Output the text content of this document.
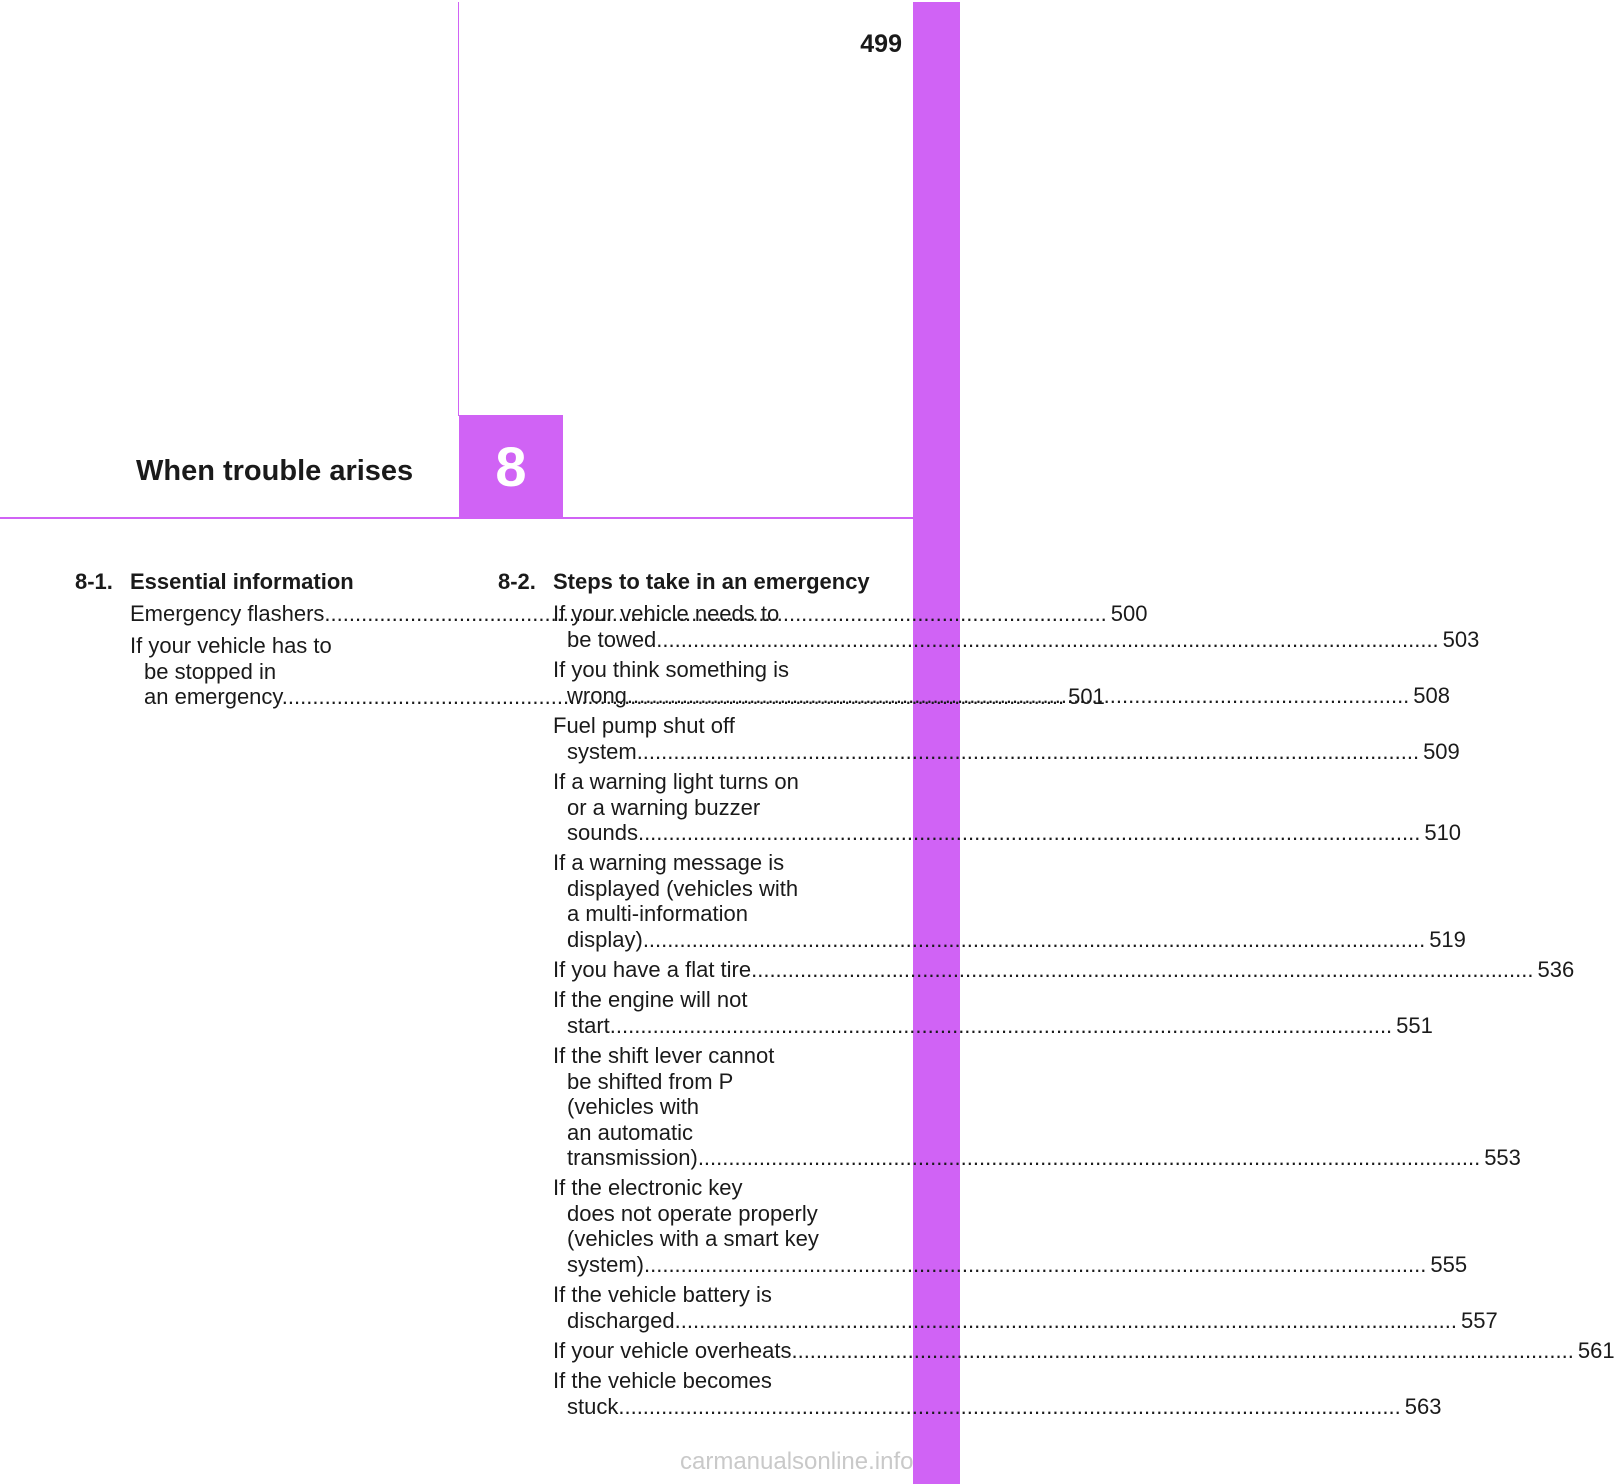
499
When trouble arises 8
8-1. Essential information
Emergency flashers .....	500
If your vehicle has to
be stopped in
an emergency .....	501
8-2. Steps to take in an emergency
If your vehicle needs to
be towed .....	503
If you think something is
wrong .....	508
Fuel pump shut off
system .....	509
If a warning light turns on
or a warning buzzer
sounds .....	510
If a warning message is
displayed (vehicles with
a multi-information
display) .....	519
If you have a flat tire .....	536
If the engine will not
start .....	551
If the shift lever cannot
be shifted from P
(vehicles with
an automatic
transmission) .....	553
If the electronic key
does not operate properly
(vehicles with a smart key
system) .....	555
If the vehicle battery is
discharged .....	557
If your vehicle overheats .....	561
If the vehicle becomes
stuck .....	563
carmanualsonline.info
